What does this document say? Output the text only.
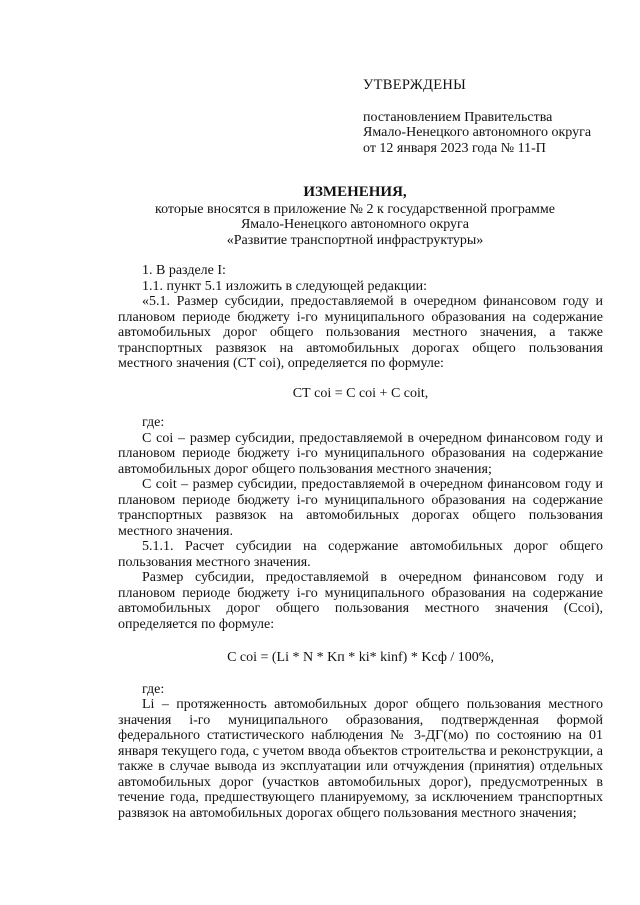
УТВЕРЖДЕНЫ
постановлением Правительства
Ямало-Ненецкого автономного округа
от 12 января 2023 года № 11-П
ИЗМЕНЕНИЯ,
которые вносятся в приложение № 2 к государственной программе
Ямало-Ненецкого автономного округа
«Развитие транспортной инфраструктуры»

1. В разделе I:

1.1. пункт 5.1 изложить в следующей редакции:

«5.1. Размер субсидии, предоставляемой в очередном финансовом году и плановом периоде бюджету i-го муниципального образования на содержание автомобильных дорог общего пользования местного значения, а также транспортных развязок на автомобильных дорогах общего пользования местного значения (СТ coi), определяется по формуле:

СТ coi = С coi + С coit,

где:

С coi – размер субсидии, предоставляемой в очередном финансовом году и плановом периоде бюджету i-го муниципального образования на содержание автомобильных дорог общего пользования местного значения;

С coit – размер субсидии, предоставляемой в очередном финансовом году и плановом периоде бюджету i-го муниципального образования на содержание транспортных развязок на автомобильных дорогах общего пользования местного значения.

5.1.1. Расчет субсидии на содержание автомобильных дорог общего пользования местного значения.

Размер субсидии, предоставляемой в очередном финансовом году и плановом периоде бюджету i-го муниципального образования на содержание автомобильных дорог общего пользования местного значения (Ccoi), определяется по формуле:

С coi = (Li * N * Kп * ki* kinf) * Kсф / 100%,

где:

Li – протяженность автомобильных дорог общего пользования местного значения i-го муниципального образования, подтвержденная формой федерального статистического наблюдения № 3-ДГ(мо) по состоянию на 01 января текущего года, с учетом ввода объектов строительства и реконструкции, а также в случае вывода из эксплуатации или отчуждения (принятия) отдельных автомобильных дорог (участков автомобильных дорог), предусмотренных в течение года, предшествующего планируемому, за исключением транспортных развязок на автомобильных дорогах общего пользования местного значения;
